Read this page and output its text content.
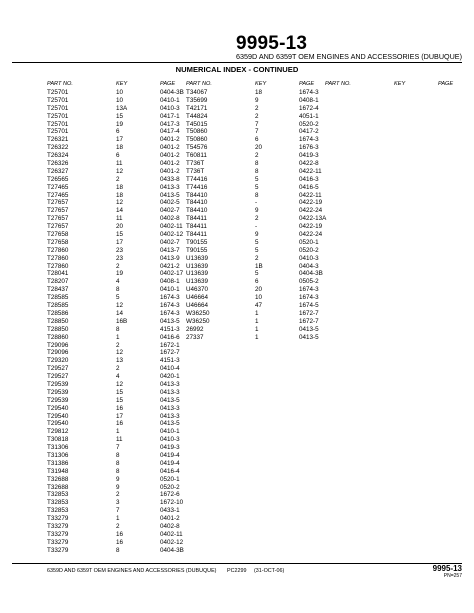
9995-13
6359D AND 6359T OEM ENGINES AND ACCESSORIES (DUBUQUE)
NUMERICAL INDEX - CONTINUED
PART NO.	KEY	PAGE PART NO.	KEY	PAGE PART NO.	KEY	PAGE
T25701	10	0404-3B
T25701	10	0410-1
T25701	13A	0410-3
T25701	15	0417-1
T25701	19	0417-3
T25701	6	0417-4
T26321	17	0401-2
T26322	18	0401-2
T26324	6	0401-2
T26326	11	0401-2
T26327	12	0401-2
T26565	2	0433-8
T27465	18	0413-3
T27465	18	0413-5
T27657	12	0402-5
T27657	14	0402-7
T27657	11	0402-8
T27657	20	0402-11
T27658	15	0402-12
T27658	17	0402-7
T27860	23	0413-7
T27860	23	0413-9
T27860	2	0421-2
T28041	19	0402-17
T28207	4	0408-1
T28437	8	0410-1
T28585	5	1674-3
T28585	12	1674-3
T28586	14	1674-3
T28850	16B	0413-5
T28850	8	4151-3
T28860	1	0416-6
T29096	2	1672-1
T29096	12	1672-7
T29320	13	4151-3
T29527	2	0410-4
T29527	4	0420-1
T29539	12	0413-3
T29539	15	0413-3
T29539	15	0413-5
T29540	16	0413-3
T29540	17	0413-3
T29540	16	0413-5
T29812	1	0410-1
T30818	11	0410-3
T31306	7	0419-3
T31306	8	0419-4
T31386	8	0419-4
T31948	8	0416-4
T32688	9	0520-1
T32688	9	0520-2
T32853	2	1672-6
T32853	3	1672-10
T32853	7	0433-1
T33279	1	0401-2
T33279	2	0402-8
T33279	16	0402-11
T33279	16	0402-12
T33279	8	0404-3B
T34067	18	1674-3
T35699	9	0408-1
T42171	2	1672-4
T44824	2	4051-1
T45015	7	0520-2
T50860	7	0417-2
T50860	6	1674-3
T54576	20	1676-3
T60811	2	0419-3
T736T	8	0422-8
T736T	8	0422-11
T74416	5	0416-3
T74416	5	0416-5
T84410	8	0422-11
T84410	-	0422-19
T84410	9	0422-24
T84411	2	0422-13A
T84411	-	0422-19
T84411	9	0422-24
T90155	5	0520-1
T90155	5	0520-2
U13639	2	0410-3
U13639	1B	0404-3
U13639	5	0404-3B
U13639	6	0505-2
U46370	20	1674-3
U46664	10	1674-3
U46664	47	1674-5
W36250	1	1672-7
W36250	1	1672-7
26992	1	0413-5
27337	1	0413-5
6359D AND 6359T OEM ENGINES AND ACCESSORIES (DUBUQUE) PC2299 (31-OCT-06)	9995-13
PN=257
